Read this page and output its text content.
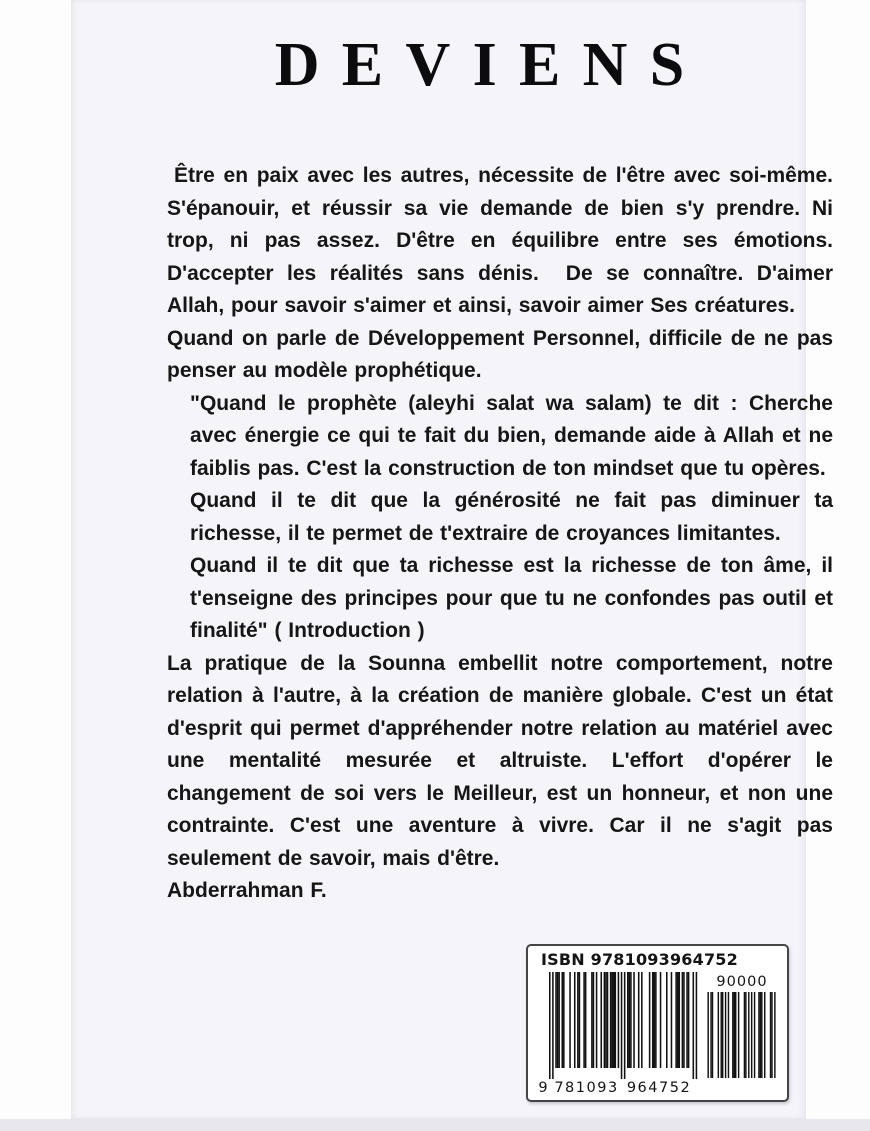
DEVIENS

Être en paix avec les autres, nécessite de l'être avec soi-même. S'épanouir, et réussir sa vie demande de bien s'y prendre. Ni trop, ni pas assez. D'être en équilibre entre ses émotions. D'accepter les réalités sans dénis.  De se connaître. D'aimer Allah, pour savoir s'aimer et ainsi, savoir aimer Ses créatures.

Quand on parle de Développement Personnel, difficile de ne pas penser au modèle prophétique.

"Quand le prophète (aleyhi salat wa salam) te dit : Cherche avec énergie ce qui te fait du bien, demande aide à Allah et ne faiblis pas. C'est la construction de ton mindset que tu opères.

Quand il te dit que la générosité ne fait pas diminuer ta richesse, il te permet de t'extraire de croyances limitantes.

Quand il te dit que ta richesse est la richesse de ton âme, il t'enseigne des principes pour que tu ne confondes pas outil et finalité" ( Introduction )

La pratique de la Sounna embellit notre comportement, notre relation à l'autre, à la création de manière globale. C'est un état d'esprit qui permet d'appréhender notre relation au matériel avec une mentalité mesurée et altruiste. L'effort d'opérer le changement de soi vers le Meilleur, est un honneur, et non une contrainte. C'est une aventure à vivre. Car il ne s'agit pas seulement de savoir, mais d'être.

Abderrahman F.

ISBN 9781093964752
9 781093 964752
90000
